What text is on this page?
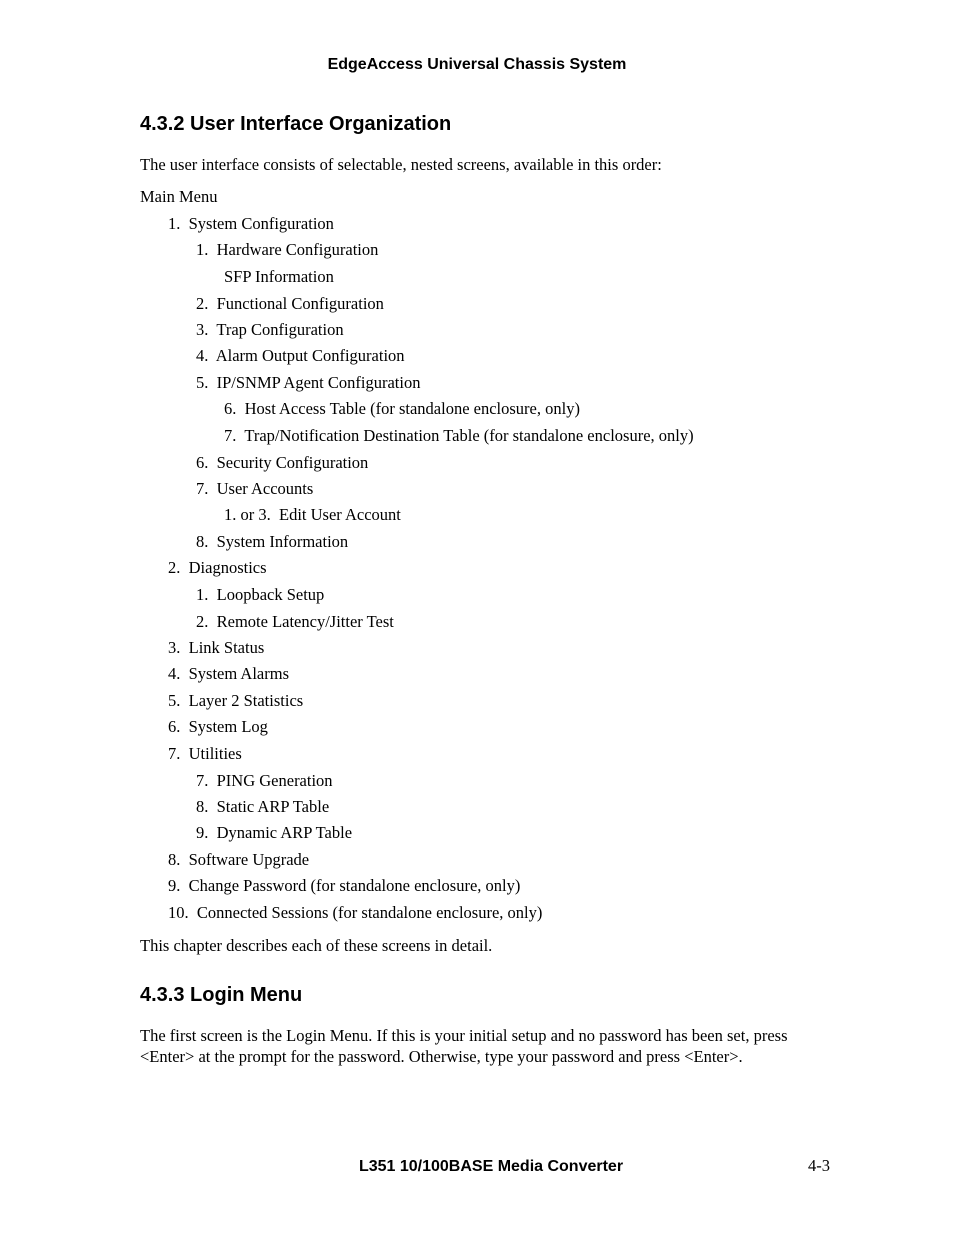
EdgeAccess Universal Chassis System
4.3.2 User Interface Organization
The user interface consists of selectable, nested screens, available in this order:
Main Menu
1. System Configuration
1. Hardware Configuration
SFP Information
2. Functional Configuration
3. Trap Configuration
4. Alarm Output Configuration
5. IP/SNMP Agent Configuration
6. Host Access Table (for standalone enclosure, only)
7. Trap/Notification Destination Table (for standalone enclosure, only)
6. Security Configuration
7. User Accounts
1. or 3. Edit User Account
8. System Information
2. Diagnostics
1. Loopback Setup
2. Remote Latency/Jitter Test
3. Link Status
4. System Alarms
5. Layer 2 Statistics
6. System Log
7. Utilities
7. PING Generation
8. Static ARP Table
9. Dynamic ARP Table
8. Software Upgrade
9. Change Password (for standalone enclosure, only)
10. Connected Sessions (for standalone enclosure, only)
This chapter describes each of these screens in detail.
4.3.3 Login Menu
The first screen is the Login Menu. If this is your initial setup and no password has been set, press
<Enter> at the prompt for the password. Otherwise, type your password and press <Enter>.
L351 10/100BASE Media Converter	4-3
